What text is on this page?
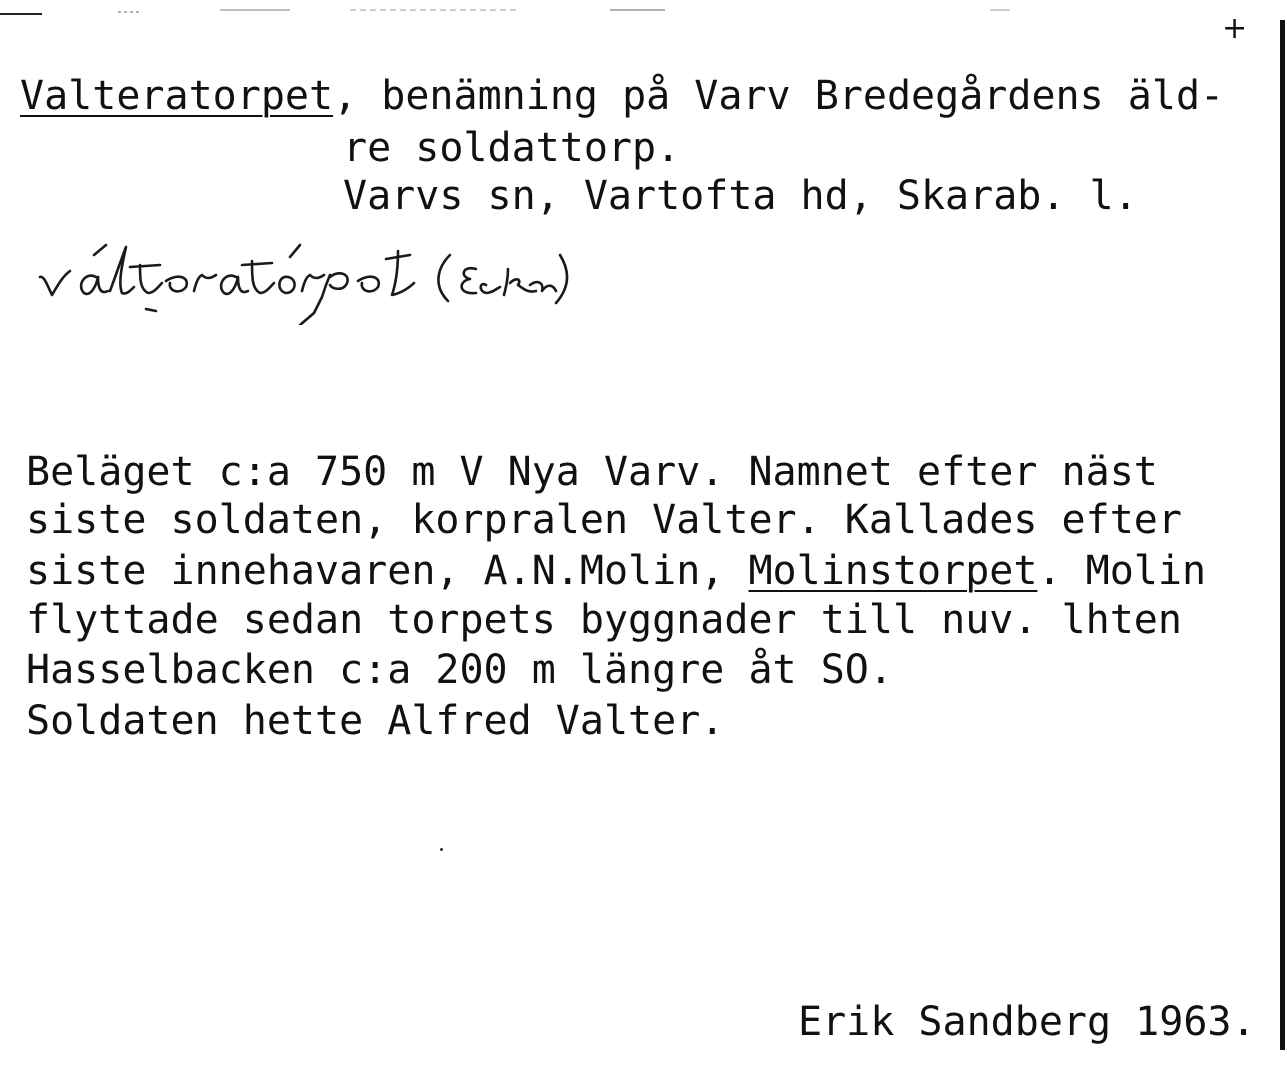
+

Valteratorpet, benämning på Varv Bredegårdens äld-

re soldattorp.

Varvs sn, Vartofta hd, Skarab. l.

Beläget c:a 750 m V Nya Varv. Namnet efter näst

siste soldaten, korpralen Valter. Kallades efter

siste innehavaren, A.N.Molin, Molinstorpet. Molin

flyttade sedan torpets byggnader till nuv. lhten

Hasselbacken c:a 200 m längre åt SO.

Soldaten hette Alfred Valter.

Erik Sandberg 1963.
